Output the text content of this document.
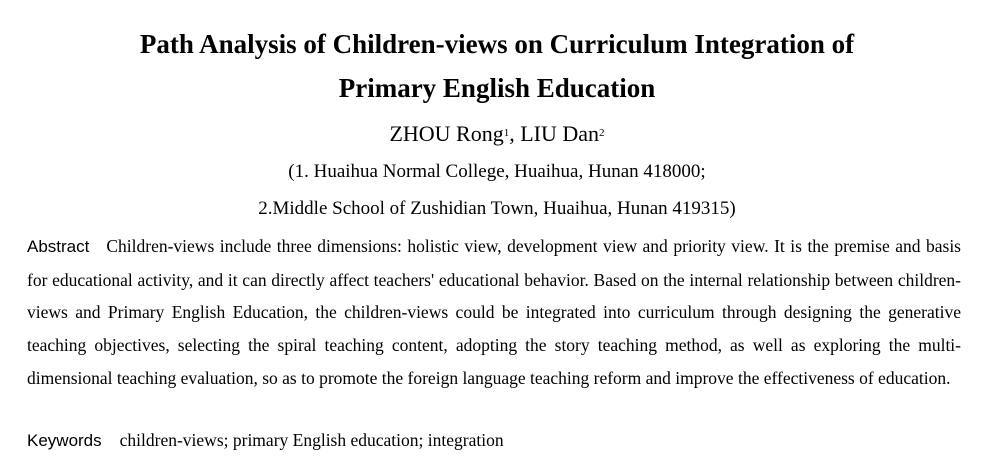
Path Analysis of Children-views on Curriculum Integration of
Primary English Education
ZHOU Rong$^1$, LIU Dan$^2$
(1. Huaihua Normal College, Huaihua, Hunan 418000;
2.Middle School of Zushidian Town, Huaihua, Hunan 419315)
Abstract Children-views include three dimensions: holistic view, development view and priority view. It is the premise and basis for educational activity, and it can directly affect teachers' educational behavior. Based on the internal relationship between children-views and Primary English Education, the children-views could be integrated into curriculum through designing the generative teaching objectives, selecting the spiral teaching content, adopting the story teaching method, as well as exploring the multi-dimensional teaching evaluation, so as to promote the foreign language teaching reform and improve the effectiveness of education.
Keywords children-views; primary English education; integration
